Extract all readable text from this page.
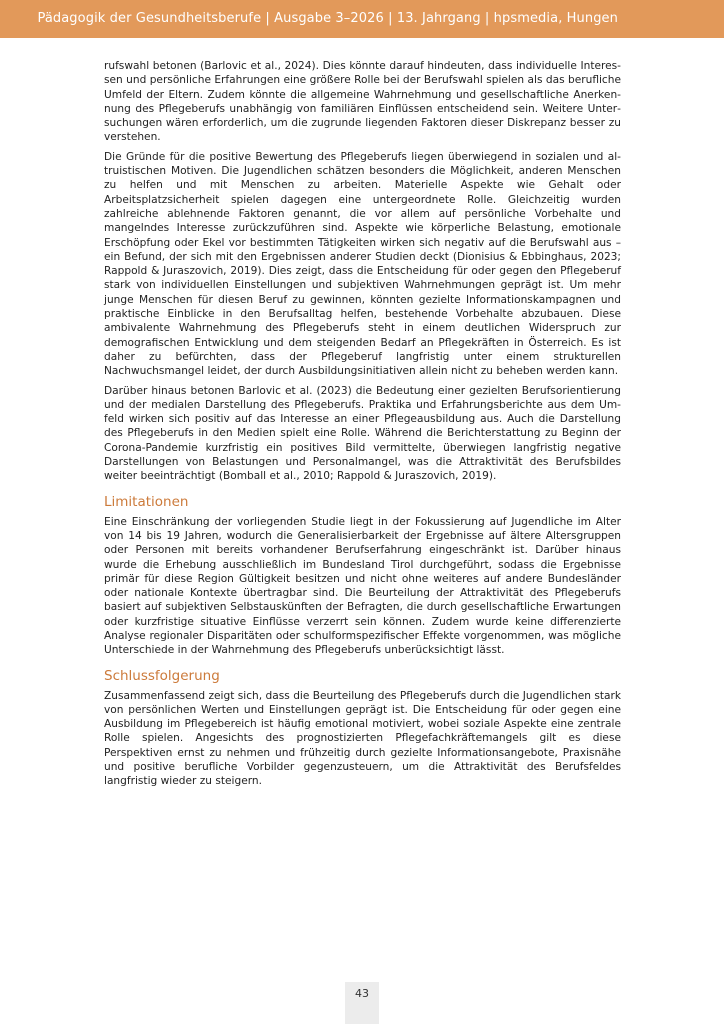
Pädagogik der Gesundheitsberufe | Ausgabe 3–2026 | 13. Jahrgang | hpsmedia, Hungen

rufswahl betonen (Barlovic et al., 2024). Dies könnte darauf hindeuten, dass individuelle Interessen und persönliche Erfahrungen eine größere Rolle bei der Berufswahl spielen als das berufliche Umfeld der Eltern. Zudem könnte die allgemeine Wahrnehmung und gesellschaftliche Anerkennung des Pflegeberufs unabhängig von familiären Einflüssen entscheidend sein. Weitere Untersuchungen wären erforderlich, um die zugrunde liegenden Faktoren dieser Diskrepanz besser zu verstehen.

Die Gründe für die positive Bewertung des Pflegeberufs liegen überwiegend in sozialen und altruistischen Motiven. Die Jugendlichen schätzen besonders die Möglichkeit, anderen Menschen zu helfen und mit Menschen zu arbeiten. Materielle Aspekte wie Gehalt oder Arbeitsplatzsicherheit spielen dagegen eine untergeordnete Rolle. Gleichzeitig wurden zahlreiche ablehnende Faktoren genannt, die vor allem auf persönliche Vorbehalte und mangelndes Interesse zurückzuführen sind. Aspekte wie körperliche Belastung, emotionale Erschöpfung oder Ekel vor bestimmten Tätigkeiten wirken sich negativ auf die Berufswahl aus – ein Befund, der sich mit den Ergebnissen anderer Studien deckt (Dionisius & Ebbinghaus, 2023; Rappold & Juraszovich, 2019). Dies zeigt, dass die Entscheidung für oder gegen den Pflegeberuf stark von individuellen Einstellungen und subjektiven Wahrnehmungen geprägt ist. Um mehr junge Menschen für diesen Beruf zu gewinnen, könnten gezielte Informationskampagnen und praktische Einblicke in den Berufsalltag helfen, bestehende Vorbehalte abzubauen. Diese ambivalente Wahrnehmung des Pflegeberufs steht in einem deutlichen Widerspruch zur demografischen Entwicklung und dem steigenden Bedarf an Pflegekräften in Österreich. Es ist daher zu befürchten, dass der Pflegeberuf langfristig unter einem strukturellen Nachwuchsmangel leidet, der durch Ausbildungsinitiativen allein nicht zu beheben werden kann.

Darüber hinaus betonen Barlovic et al. (2023) die Bedeutung einer gezielten Berufsorientierung und der medialen Darstellung des Pflegeberufs. Praktika und Erfahrungsberichte aus dem Umfeld wirken sich positiv auf das Interesse an einer Pflegeausbildung aus. Auch die Darstellung des Pflegeberufs in den Medien spielt eine Rolle. Während die Berichterstattung zu Beginn der Corona-Pandemie kurzfristig ein positives Bild vermittelte, überwiegen langfristig negative Darstellungen von Belastungen und Personalmangel, was die Attraktivität des Berufsbildes weiter beeinträchtigt (Bomball et al., 2010; Rappold & Juraszovich, 2019).

Limitationen

Eine Einschränkung der vorliegenden Studie liegt in der Fokussierung auf Jugendliche im Alter von 14 bis 19 Jahren, wodurch die Generalisierbarkeit der Ergebnisse auf ältere Altersgruppen oder Personen mit bereits vorhandener Berufserfahrung eingeschränkt ist. Darüber hinaus wurde die Erhebung ausschließlich im Bundesland Tirol durchgeführt, sodass die Ergebnisse primär für diese Region Gültigkeit besitzen und nicht ohne weiteres auf andere Bundesländer oder nationale Kontexte übertragbar sind. Die Beurteilung der Attraktivität des Pflegeberufs basiert auf subjektiven Selbstauskünften der Befragten, die durch gesellschaftliche Erwartungen oder kurzfristige situative Einflüsse verzerrt sein können. Zudem wurde keine differenzierte Analyse regionaler Disparitäten oder schulformspezifischer Effekte vorgenommen, was mögliche Unterschiede in der Wahrnehmung des Pflegeberufs unberücksichtigt lässt.

Schlussfolgerung

Zusammenfassend zeigt sich, dass die Beurteilung des Pflegeberufs durch die Jugendlichen stark von persönlichen Werten und Einstellungen geprägt ist. Die Entscheidung für oder gegen eine Ausbildung im Pflegebereich ist häufig emotional motiviert, wobei soziale Aspekte eine zentrale Rolle spielen. Angesichts des prognostizierten Pflegefachkräftemangels gilt es diese Perspektiven ernst zu nehmen und frühzeitig durch gezielte Informationsangebote, Praxisnähe und positive berufliche Vorbilder gegenzusteuern, um die Attraktivität des Berufsfeldes langfristig wieder zu steigern.

43
